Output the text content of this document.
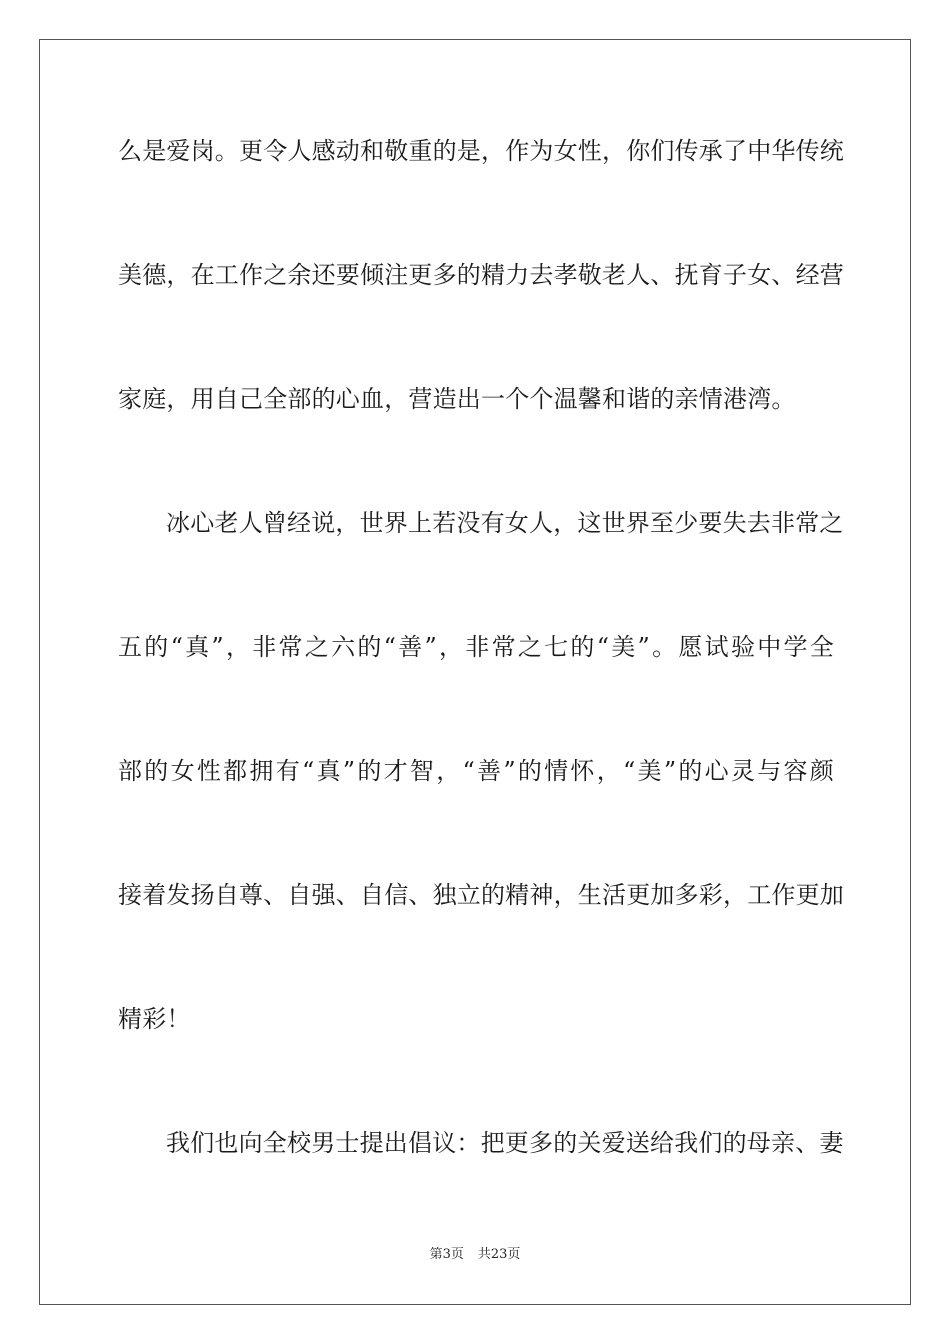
么是爱岗。更令人感动和敬重的是，作为女性，你们传承了中华传统
美德，在工作之余还要倾注更多的精力去孝敬老人、抚育子女、经营
家庭，用自己全部的心血，营造出一个个温馨和谐的亲情港湾。
冰心老人曾经说，世界上若没有女人，这世界至少要失去非常之
五的“真”，非常之六的“善”，非常之七的“美”。愿试验中学全
部的女性都拥有“真”的才智，“善”的情怀，“美”的心灵与容颜
接着发扬自尊、自强、自信、独立的精神，生活更加多彩，工作更加
精彩！
我们也向全校男士提出倡议：把更多的关爱送给我们的母亲、妻
第3页 共23页
